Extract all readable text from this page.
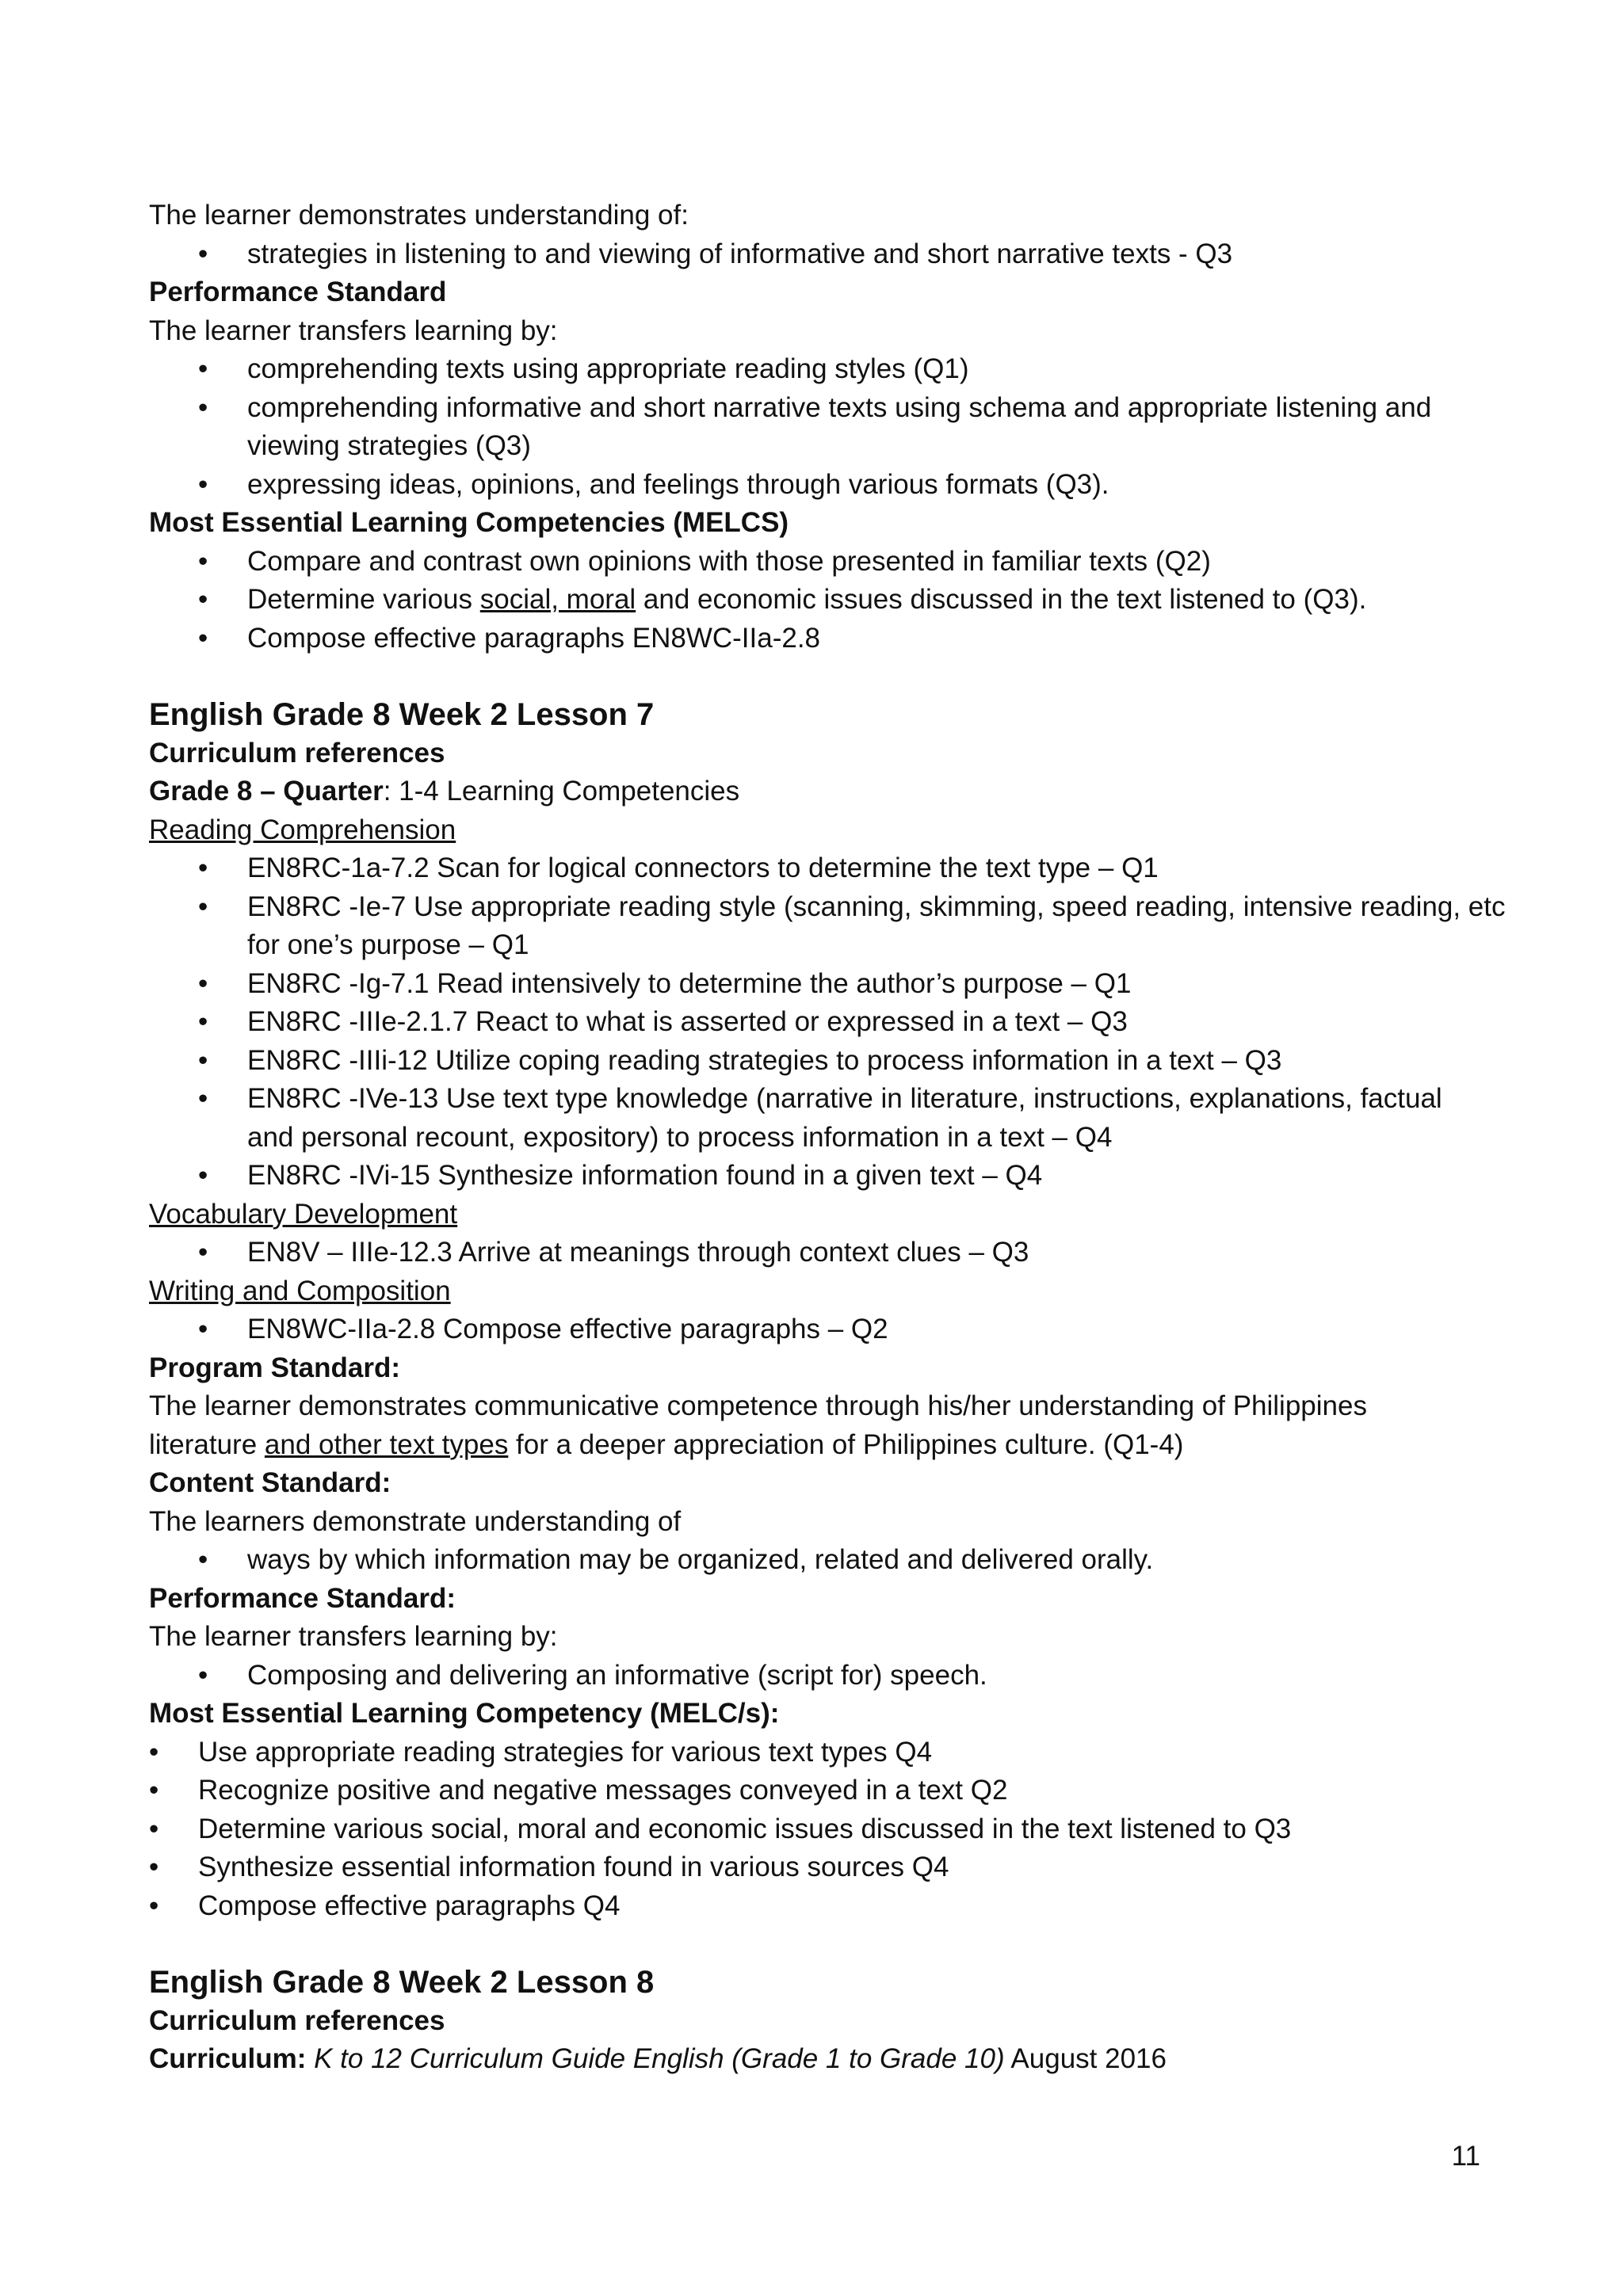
The learner demonstrates understanding of:
• strategies in listening to and viewing of informative and short narrative texts - Q3
Performance Standard
The learner transfers learning by:
• comprehending texts using appropriate reading styles (Q1)
• comprehending informative and short narrative texts using schema and appropriate listening and
viewing strategies (Q3)
• expressing ideas, opinions, and feelings through various formats (Q3).
Most Essential Learning Competencies (MELCS)
• Compare and contrast own opinions with those presented in familiar texts (Q2)
• Determine various social, moral and economic issues discussed in the text listened to (Q3).
• Compose effective paragraphs EN8WC-IIa-2.8
English Grade 8 Week 2 Lesson 7
Curriculum references
Grade 8 – Quarter: 1-4 Learning Competencies
Reading Comprehension
• EN8RC-1a-7.2 Scan for logical connectors to determine the text type – Q1
• EN8RC -Ie-7 Use appropriate reading style (scanning, skimming, speed reading, intensive reading, etc
for one’s purpose – Q1
• EN8RC -Ig-7.1 Read intensively to determine the author’s purpose – Q1
• EN8RC -IIIe-2.1.7 React to what is asserted or expressed in a text – Q3
• EN8RC -IIIi-12 Utilize coping reading strategies to process information in a text – Q3
• EN8RC -IVe-13 Use text type knowledge (narrative in literature, instructions, explanations, factual
and personal recount, expository) to process information in a text – Q4
• EN8RC -IVi-15 Synthesize information found in a given text – Q4
Vocabulary Development
• EN8V – IIIe-12.3 Arrive at meanings through context clues – Q3
Writing and Composition
• EN8WC-IIa-2.8 Compose effective paragraphs – Q2
Program Standard:
The learner demonstrates communicative competence through his/her understanding of Philippines
literature and other text types for a deeper appreciation of Philippines culture. (Q1-4)
Content Standard:
The learners demonstrate understanding of
• ways by which information may be organized, related and delivered orally.
Performance Standard:
The learner transfers learning by:
• Composing and delivering an informative (script for) speech.
Most Essential Learning Competency (MELC/s):
• Use appropriate reading strategies for various text types Q4
• Recognize positive and negative messages conveyed in a text Q2
• Determine various social, moral and economic issues discussed in the text listened to Q3
• Synthesize essential information found in various sources Q4
• Compose effective paragraphs Q4
English Grade 8 Week 2 Lesson 8
Curriculum references
Curriculum: K to 12 Curriculum Guide English (Grade 1 to Grade 10) August 2016
11
